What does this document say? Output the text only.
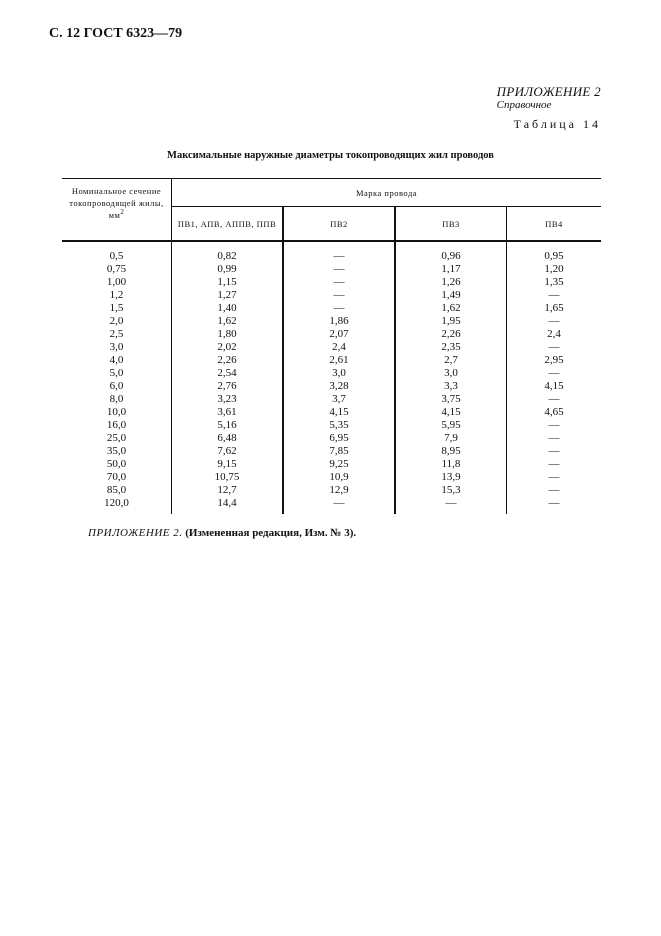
С. 12 ГОСТ 6323—79
ПРИЛОЖЕНИЕ 2
Справочное
Таблица 14
Максимальные наружные диаметры токопроводящих жил проводов
Номинальное сечение токопроводящей жилы, $мм^2$	Марка провода			
	ПВ1, АПВ, АППВ, ППВ	ПВ2	ПВ3	ПВ4
0,5	0,82	—	0,96	0,95
0,75	0,99	—	1,17	1,20
1,00	1,15	—	1,26	1,35
1,2	1,27	—	1,49	—
1,5	1,40	—	1,62	1,65
2,0	1,62	1,86	1,95	—
2,5	1,80	2,07	2,26	2,4
3,0	2,02	2,4	2,35	—
4,0	2,26	2,61	2,7	2,95
5,0	2,54	3,0	3,0	—
6,0	2,76	3,28	3,3	4,15
8,0	3,23	3,7	3,75	—
10,0	3,61	4,15	4,15	4,65
16,0	5,16	5,35	5,95	—
25,0	6,48	6,95	7,9	—
35,0	7,62	7,85	8,95	—
50,0	9,15	9,25	11,8	—
70,0	10,75	10,9	13,9	—
85,0	12,7	12,9	15,3	—
120,0	14,4	—	—	—
ПРИЛОЖЕНИЕ 2. (Измененная редакция, Изм. № 3).
